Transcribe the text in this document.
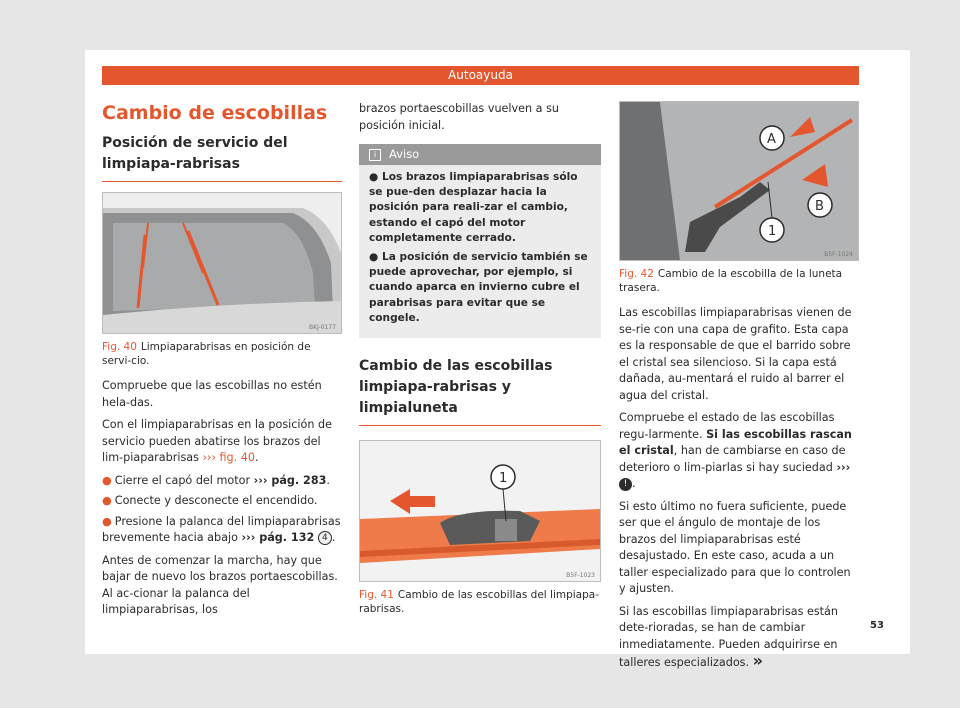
Autoayuda
Cambio de escobillas
Posición de servicio del limpiapa-rabrisas
BKJ-0177
Fig. 40 Limpiaparabrisas en posición de servi-cio.

Compruebe que las escobillas no estén hela-das.

Con el limpiaparabrisas en la posición de servicio pueden abatirse los brazos del lim-piaparabrisas ››› fig. 40.

● Cierre el capó del motor ››› pág. 283.
● Conecte y desconecte el encendido.
● Presione la palanca del limpiaparabrisas brevemente hacia abajo ››› pág. 132 4 .

Antes de comenzar la marcha, hay que bajar de nuevo los brazos portaescobillas. Al ac-cionar la palanca del limpiaparabrisas, los

brazos portaescobillas vuelven a su posición inicial.

i Aviso
● Los brazos limpiaparabrisas sólo se pue-den desplazar hacia la posición para reali-zar el cambio, estando el capó del motor completamente cerrado.
● La posición de servicio también se puede aprovechar, por ejemplo, si cuando aparca en invierno cubre el parabrisas para evitar que se congele.
Cambio de las escobillas limpiapa-rabrisas y limpialuneta
1
B5F-1023
Fig. 41 Cambio de las escobillas del limpiapa-rabrisas.
A
B
1
B5F-1024
Fig. 42 Cambio de la escobilla de la luneta trasera.

Las escobillas limpiaparabrisas vienen de se-rie con una capa de grafito. Esta capa es la responsable de que el barrido sobre el cristal sea silencioso. Si la capa está dañada, au-mentará el ruido al barrer el agua del cristal.

Compruebe el estado de las escobillas regu-larmente. Si las escobillas rascan el cristal, han de cambiarse en caso de deterioro o lim-piarlas si hay suciedad ››› ! .

Si esto último no fuera suficiente, puede ser que el ángulo de montaje de los brazos del limpiaparabrisas esté desajustado. En este caso, acuda a un taller especializado para que lo controlen y ajusten.

Si las escobillas limpiaparabrisas están dete-rioradas, se han de cambiar inmediatamente. Pueden adquirirse en talleres especializados. »

53
